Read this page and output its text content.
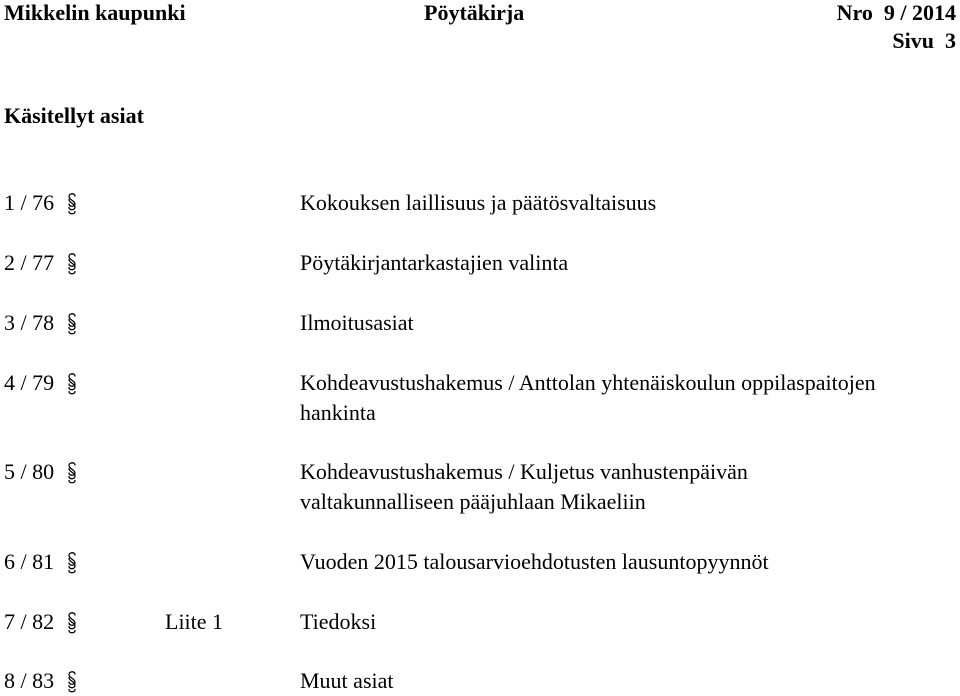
Mikkelin kaupunki	Pöytäkirja	Nro  9 / 2014
Sivu  3
Käsitellyt asiat
1 / 76	Kokouksen laillisuus ja päätösvaltaisuus
2 / 77	Pöytäkirjantarkastajien valinta
3 / 78	Ilmoitusasiat
4 / 79	Kohdeavustushakemus / Anttolan yhtenäiskoulun oppilaspaitojen
hankinta
5 / 80	Kohdeavustushakemus / Kuljetus vanhustenpäivän
valtakunnalliseen pääjuhlaan Mikaeliin
6 / 81	Vuoden 2015 talousarvioehdotusten lausuntopyynnöt
7 / 82	Liite 1	Tiedoksi
8 / 83	Muut asiat
